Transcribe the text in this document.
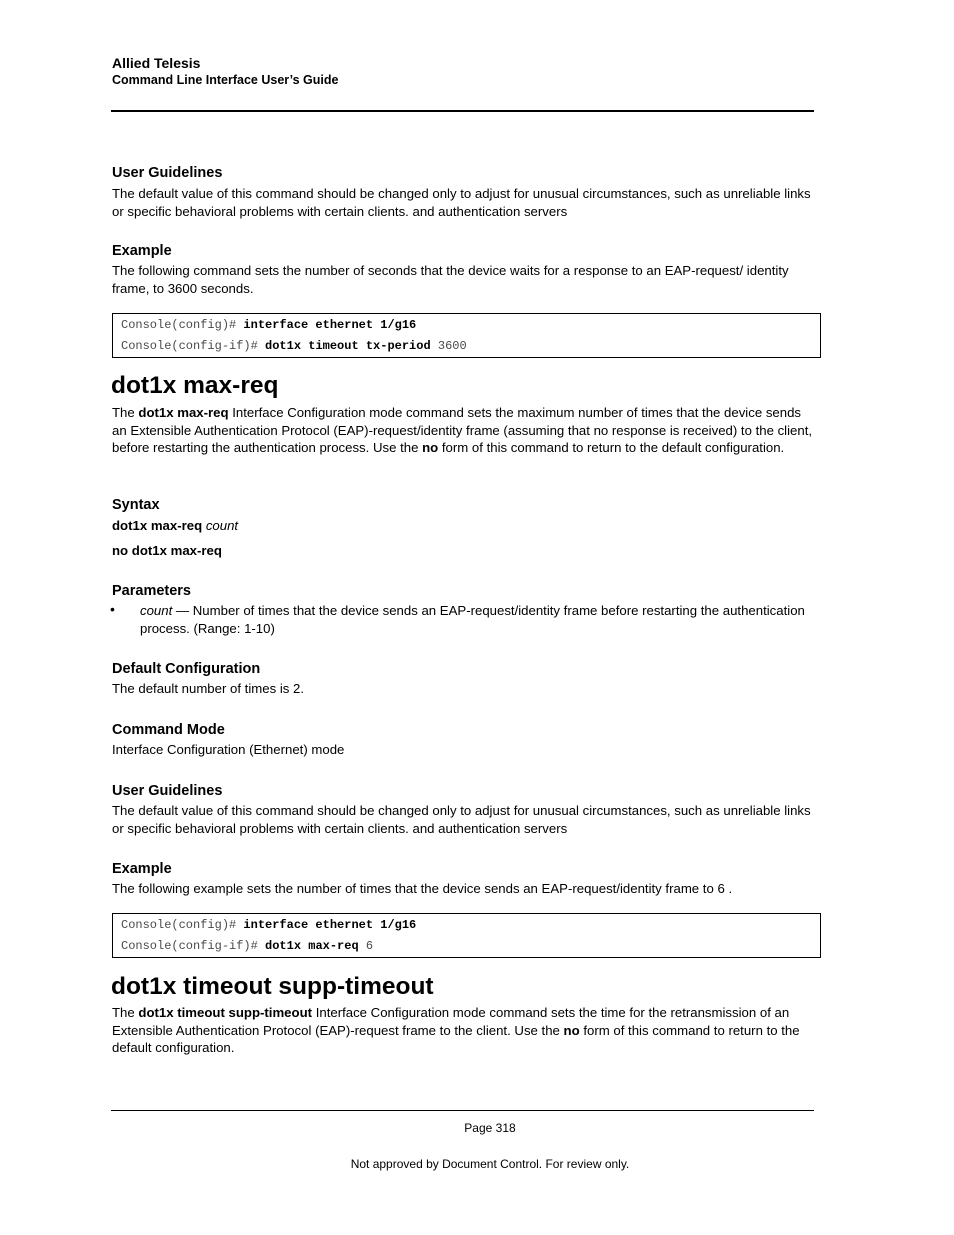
Allied Telesis
Command Line Interface User’s Guide
User Guidelines
The default value of this command should be changed only to adjust for unusual circumstances, such as unreliable links or specific behavioral problems with certain clients. and authentication servers
Example
The following command sets the number of seconds that the device waits for a response to an EAP-request/ identity frame, to 3600 seconds.
Console(config)# interface ethernet 1/g16
Console(config-if)# dot1x timeout tx-period 3600
dot1x max-req
The dot1x max-req Interface Configuration mode command sets the maximum number of times that the device sends an Extensible Authentication Protocol (EAP)-request/identity frame (assuming that no response is received) to the client, before restarting the authentication process. Use the no form of this command to return to the default configuration.
Syntax
dot1x max-req count
no dot1x max-req
Parameters
• count — Number of times that the device sends an EAP-request/identity frame before restarting the authentication process. (Range: 1-10)
Default Configuration
The default number of times is 2.
Command Mode
Interface Configuration (Ethernet) mode
User Guidelines
The default value of this command should be changed only to adjust for unusual circumstances, such as unreliable links or specific behavioral problems with certain clients. and authentication servers
Example
The following example sets the number of times that the device sends an EAP-request/identity frame to 6 .
Console(config)# interface ethernet 1/g16
Console(config-if)# dot1x max-req 6
dot1x timeout supp-timeout
The dot1x timeout supp-timeout Interface Configuration mode command sets the time for the retransmission of an Extensible Authentication Protocol (EAP)-request frame to the client. Use the no form of this command to return to the default configuration.
Page 318
Not approved by Document Control. For review only.
